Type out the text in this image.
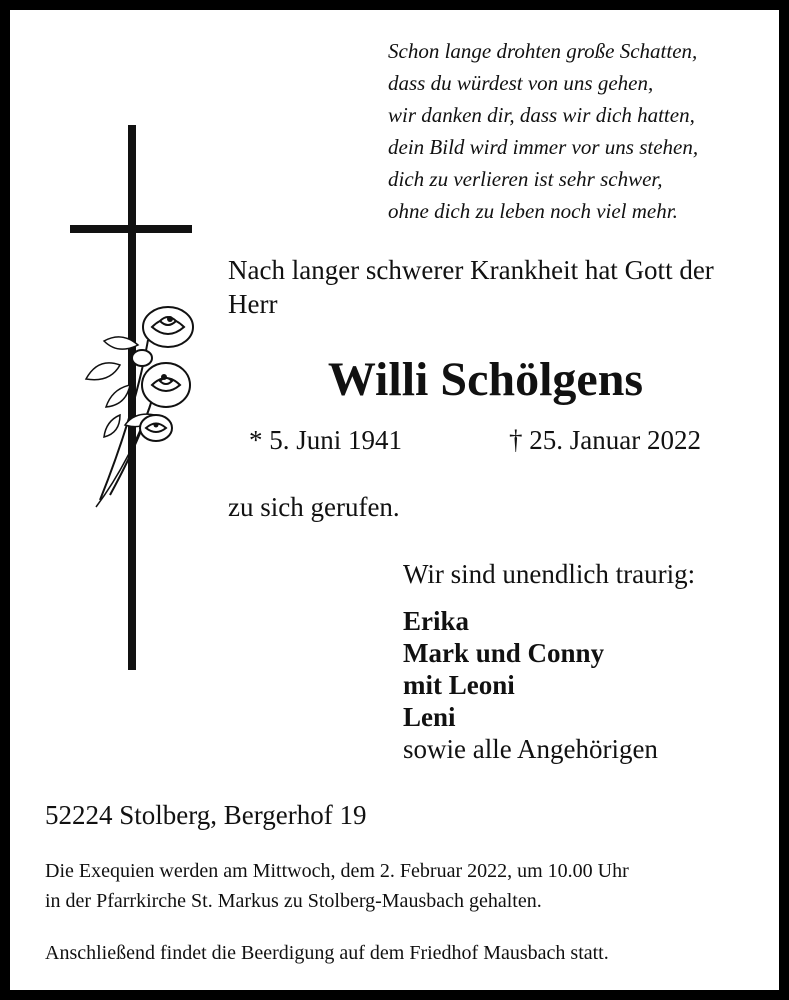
Schon lange drohten große Schatten,
dass du würdest von uns gehen,
wir danken dir, dass wir dich hatten,
dein Bild wird immer vor uns stehen,
dich zu verlieren ist sehr schwer,
ohne dich zu leben noch viel mehr.
Nach langer schwerer Krankheit hat Gott der Herr
Willi Schölgens
* 5. Juni 1941	† 25. Januar 2022
zu sich gerufen.
Wir sind unendlich traurig:
Erika
Mark und Conny
mit Leoni
Leni
sowie alle Angehörigen
52224 Stolberg, Bergerhof 19
Die Exequien werden am Mittwoch, dem 2. Februar 2022, um 10.00 Uhr
in der Pfarrkirche St. Markus zu Stolberg-Mausbach gehalten.
Anschließend findet die Beerdigung auf dem Friedhof Mausbach statt.
